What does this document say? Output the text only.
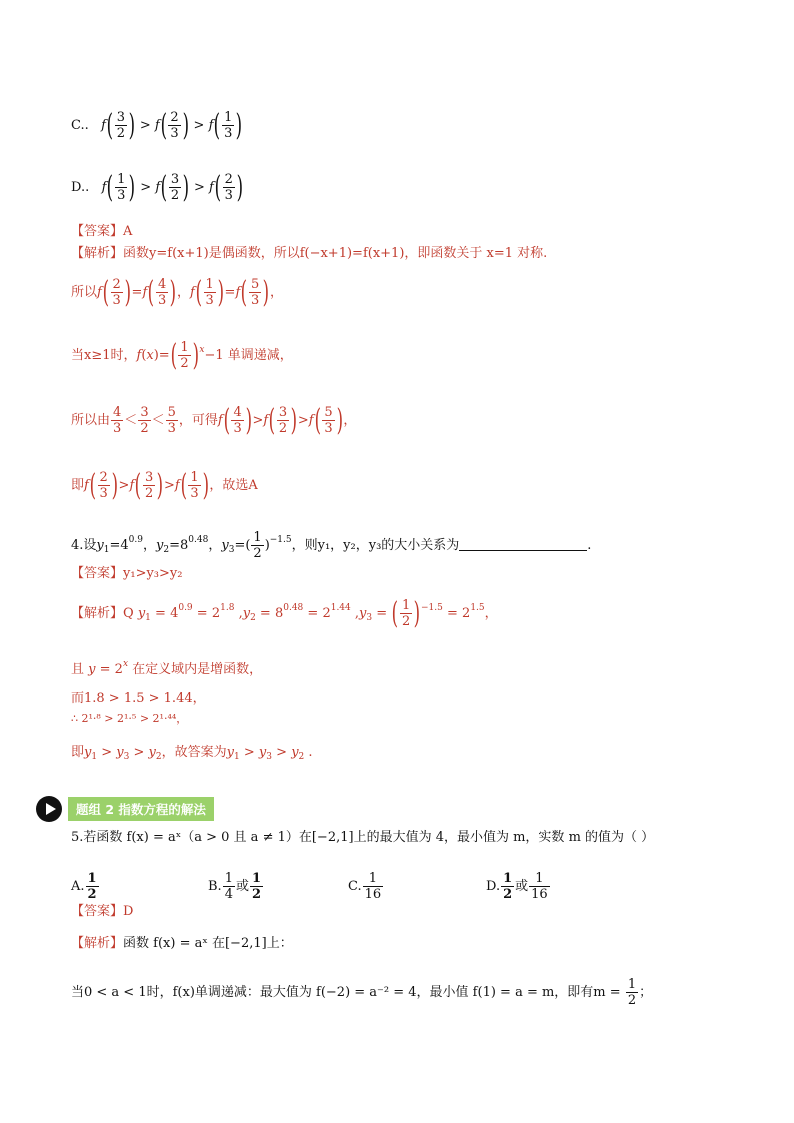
C.. $f( \frac{3}{2}$ ) > $f( \frac{2}{3}$ ) > $f( \frac{1}{3}$ )
D.. $f( \frac{1}{3}$ ) > $f( \frac{3}{2}$ ) > $f( \frac{2}{3}$ )
【答案】A
【解析】函数y=f(x+1)是偶函数，所以f(−x+1)=f(x+1)，即函数关于 x=1 对称.
所以$f( \frac{2}{3} )=f( \frac{4}{3}$ )，$f( \frac{1}{3} )=f( \frac{5}{3}$ )，
当x≥1时，$f(x)=( \frac{1}{2} )^x-1$ 单调递减，
所以由 $\frac{4}{3} < \frac{3}{2} < \frac{5}{3}$ ，可得$f( \frac{4}{3} )>f( \frac{3}{2} )>f( \frac{5}{3}$ )，
即$f( \frac{2}{3} )>f( \frac{3}{2} )>f( \frac{1}{3}$ )，故选A
4.设$y_1=4^{0.9}$，$y_2=8^{0.48}$，$y_3=( \frac{1}{2} )^{-1.5}$，则y₁，y₂，y₃的大小关系为	.
【答案】y₁>y₃>y₂
【解析】Q $y_1 = 4^{0.9} = 2^{1.8}$ $,y_2 = 8^{0.48} = 2^{1.44}$ $,y_3$ = ( $\frac{1}{2} )^{-1.5} = 2^{1.5}$，
且 $y = 2^x$ 在定义域内是增函数，
而1.8 > 1.5 > 1.44，
∴ 2¹·⁸ > 2¹·⁵ > 2¹·⁴⁴，
即$y_1 > y_3 > y_2$，故答案为$y_1 > y_3 > y_2$ .
题组 2 指数方程的解法
5.若函数 f(x) = aˣ（a > 0 且 a ≠ 1）在[−2,1]上的最大值为 4，最小值为 m，实数 m 的值为（ ）
A. $\frac{1}{2}$	B. $\frac{1}{4}$ 或 $\frac{1}{2}$	C. $\frac{1}{16}$	D. $\frac{1}{2}$ 或 $\frac{1}{16}$
【答案】D
【解析】函数 f(x) = aˣ 在[−2,1]上：
当0 < a < 1时，f(x)单调递减：最大值为 f(−2) = a⁻² = 4，最小值 f(1) = a = m，即有$m = \frac{1}{2}$ ；
